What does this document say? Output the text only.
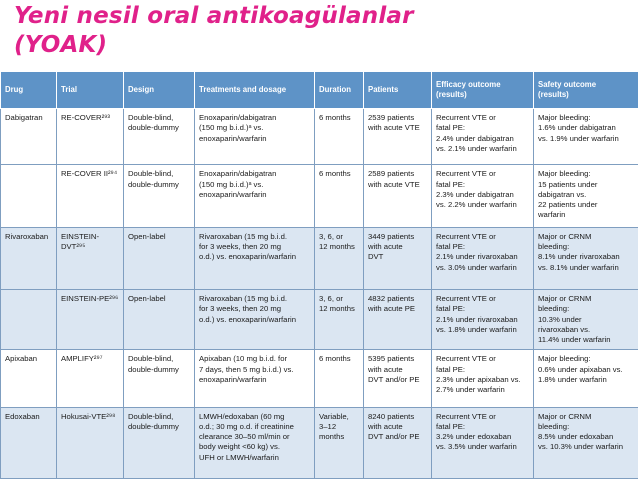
Yeni nesil oral antikoagülanlar
(YOAK)
Drug	Trial	Design	Treatments and dosage	Duration	Patients	Efficacy outcome
(results)	Safety outcome
(results)
Dabigatran	RE-COVER²⁹³	Double-blind,
double-dummy	Enoxaparin/dabigatran
(150 mg b.i.d.)ᵃ vs.
enoxaparin/warfarin	6 months	2539 patients
with acute VTE	Recurrent VTE or
fatal PE:
2.4% under dabigatran
vs. 2.1% under warfarin	Major bleeding:
1.6% under dabigatran
vs. 1.9% under warfarin
	RE-COVER II²⁹⁴	Double-blind,
double-dummy	Enoxaparin/dabigatran
(150 mg b.i.d.)ᵃ vs.
enoxaparin/warfarin	6 months	2589 patients
with acute VTE	Recurrent VTE or
fatal PE:
2.3% under dabigatran
vs. 2.2% under warfarin	Major bleeding:
15 patients under
dabigatran vs.
22 patients under
warfarin
Rivaroxaban	EINSTEIN-
DVT²⁹⁵	Open-label	Rivaroxaban (15 mg b.i.d.
for 3 weeks, then 20 mg
o.d.) vs. enoxaparin/warfarin	3, 6, or
12 months	3449 patients
with acute
DVT	Recurrent VTE or
fatal PE:
2.1% under rivaroxaban
vs. 3.0% under warfarin	Major or CRNM
bleeding:
8.1% under rivaroxaban
vs. 8.1% under warfarin
	EINSTEIN-PE²⁹⁶	Open-label	Rivaroxaban (15 mg b.i.d.
for 3 weeks, then 20 mg
o.d.) vs. enoxaparin/warfarin	3, 6, or
12 months	4832 patients
with acute PE	Recurrent VTE or
fatal PE:
2.1% under rivaroxaban
vs. 1.8% under warfarin	Major or CRNM
bleeding:
10.3% under
rivaroxaban vs.
11.4% under warfarin
Apixaban	AMPLIFY²⁹⁷	Double-blind,
double-dummy	Apixaban (10 mg b.i.d. for
7 days, then 5 mg b.i.d.) vs.
enoxaparin/warfarin	6 months	5395 patients
with acute
DVT and/or PE	Recurrent VTE or
fatal PE:
2.3% under apixaban vs.
2.7% under warfarin	Major bleeding:
0.6% under apixaban vs.
1.8% under warfarin
Edoxaban	Hokusai-VTE²⁹⁸	Double-blind,
double-dummy	LMWH/edoxaban (60 mg
o.d.; 30 mg o.d. if creatinine
clearance 30–50 ml/min or
body weight <60 kg) vs.
UFH or LMWH/warfarin	Variable,
3–12
months	8240 patients
with acute
DVT and/or PE	Recurrent VTE or
fatal PE:
3.2% under edoxaban
vs. 3.5% under warfarin	Major or CRNM
bleeding:
8.5% under edoxaban
vs. 10.3% under warfarin
